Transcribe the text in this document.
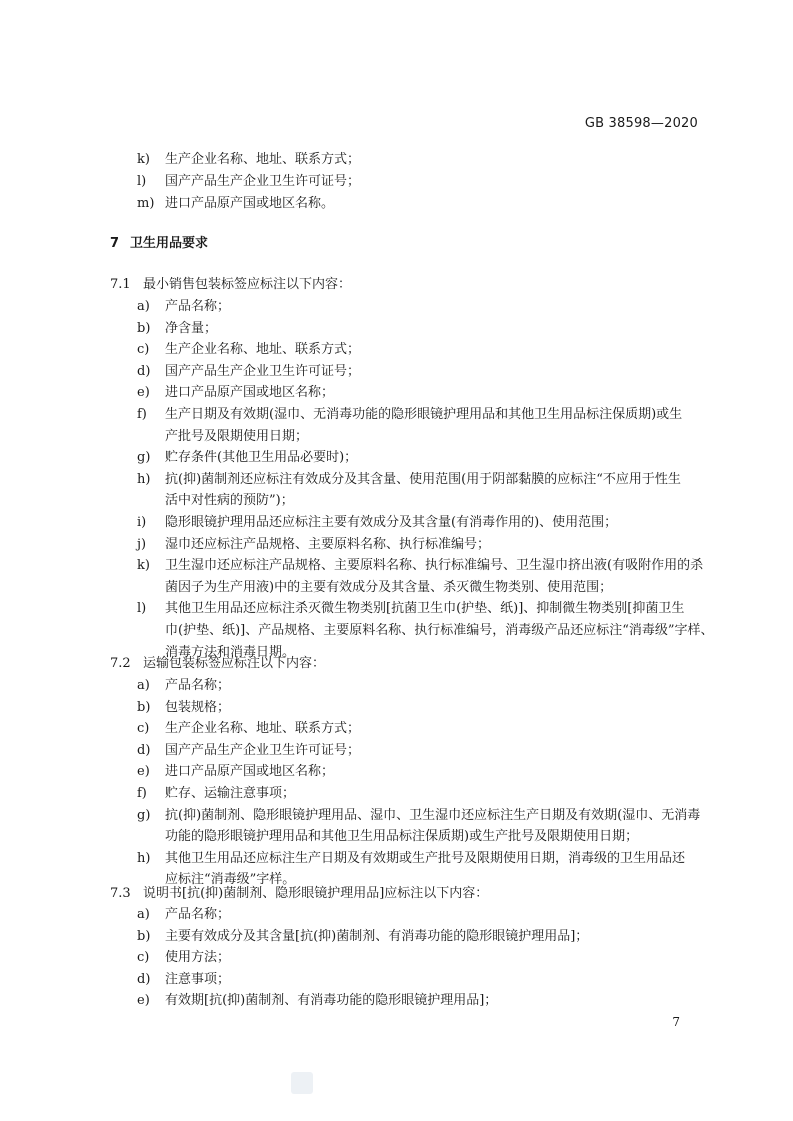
GB 38598—2020
k)	生产企业名称、地址、联系方式；
l)	国产产品生产企业卫生许可证号；
m) 进口产品原产国或地区名称。
7 卫生用品要求
7.1 最小销售包装标签应标注以下内容：
a)	产品名称；
b)	净含量；
c)	生产企业名称、地址、联系方式；
d)	国产产品生产企业卫生许可证号；
e)	进口产品原产国或地区名称；
f)	生产日期及有效期(湿巾、无消毒功能的隐形眼镜护理用品和其他卫生用品标注保质期)或生
产批号及限期使用日期；
g)	贮存条件(其他卫生用品必要时)；
h)	抗(抑)菌制剂还应标注有效成分及其含量、使用范围(用于阴部黏膜的应标注“不应用于性生
活中对性病的预防”)；
i)	隐形眼镜护理用品还应标注主要有效成分及其含量(有消毒作用的)、使用范围；
j)	湿巾还应标注产品规格、主要原料名称、执行标准编号；
k)	卫生湿巾还应标注产品规格、主要原料名称、执行标准编号、卫生湿巾挤出液(有吸附作用的杀
菌因子为生产用液)中的主要有效成分及其含量、杀灭微生物类别、使用范围；
l)	其他卫生用品还应标注杀灭微生物类别[抗菌卫生巾(护垫、纸)]、抑制微生物类别[抑菌卫生
巾(护垫、纸)]、产品规格、主要原料名称、执行标准编号，消毒级产品还应标注“消毒级”字样、
消毒方法和消毒日期。
7.2 运输包装标签应标注以下内容：
a)	产品名称；
b)	包装规格；
c)	生产企业名称、地址、联系方式；
d)	国产产品生产企业卫生许可证号；
e)	进口产品原产国或地区名称；
f)	贮存、运输注意事项；
g)	抗(抑)菌制剂、隐形眼镜护理用品、湿巾、卫生湿巾还应标注生产日期及有效期(湿巾、无消毒
功能的隐形眼镜护理用品和其他卫生用品标注保质期)或生产批号及限期使用日期；
h)	其他卫生用品还应标注生产日期及有效期或生产批号及限期使用日期，消毒级的卫生用品还
应标注“消毒级”字样。
7.3 说明书[抗(抑)菌制剂、隐形眼镜护理用品]应标注以下内容：
a)	产品名称；
b)	主要有效成分及其含量[抗(抑)菌制剂、有消毒功能的隐形眼镜护理用品]；
c)	使用方法；
d)	注意事项；
e)	有效期[抗(抑)菌制剂、有消毒功能的隐形眼镜护理用品]；
7
